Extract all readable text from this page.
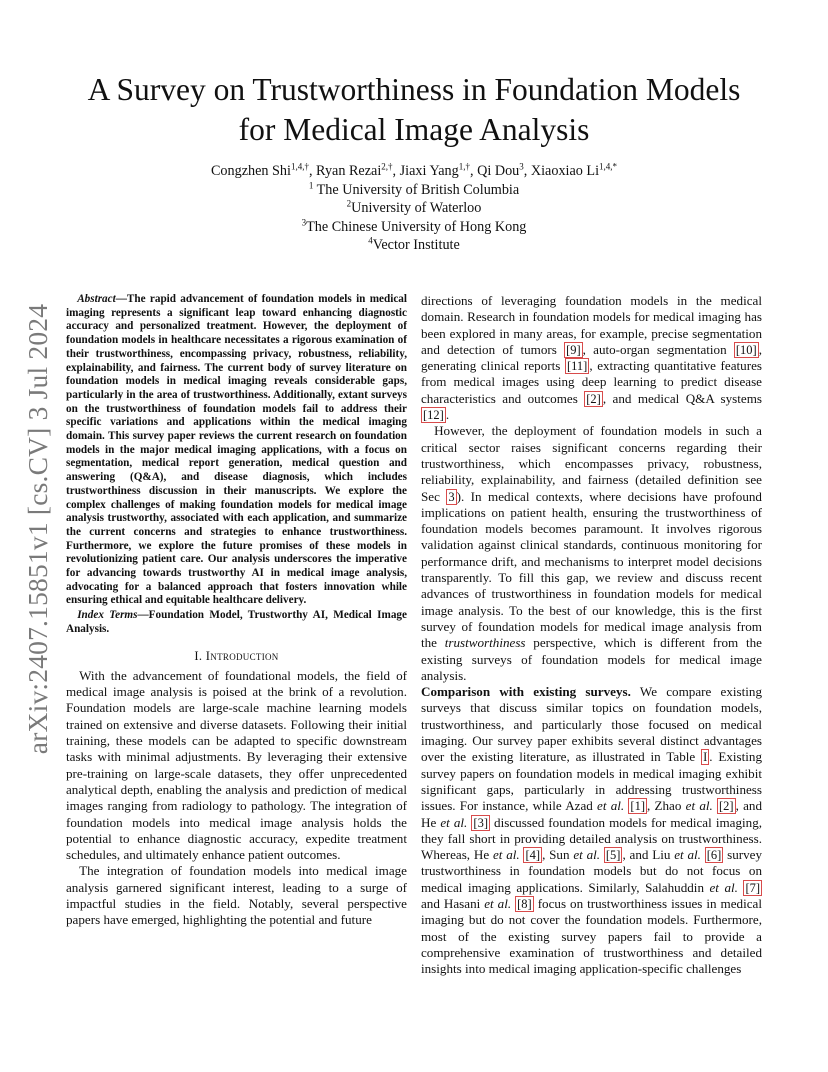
arXiv:2407.15851v1 [cs.CV] 3 Jul 2024
A Survey on Trustworthiness in Foundation Models
for Medical Image Analysis
Congzhen Shi$^{1,4,\dagger}$, Ryan Rezai$^{2,\dagger}$, Jiaxi Yang$^{1,\dagger}$, Qi Dou$^3$, Xiaoxiao $Li^{1,4,*}$
$^1$ The University of British Columbia
$^2$University of Waterloo
$^3$The Chinese University of Hong Kong
$^4$Vector Institute

Abstract—The rapid advancement of foundation models in medical imaging represents a significant leap toward enhancing diagnostic accuracy and personalized treatment. However, the deployment of foundation models in healthcare necessitates a rigorous examination of their trustworthiness, encompassing privacy, robustness, reliability, explainability, and fairness. The current body of survey literature on foundation models in medical imaging reveals considerable gaps, particularly in the area of trustworthiness. Additionally, extant surveys on the trustworthiness of foundation models fail to address their specific variations and applications within the medical imaging domain. This survey paper reviews the current research on foundation models in the major medical imaging applications, with a focus on segmentation, medical report generation, medical question and answering (Q&A), and disease diagnosis, which includes trustworthiness discussion in their manuscripts. We explore the complex challenges of making foundation models for medical image analysis trustworthy, associated with each application, and summarize the current concerns and strategies to enhance trustworthiness. Furthermore, we explore the future promises of these models in revolutionizing patient care. Our analysis underscores the imperative for advancing towards trustworthy AI in medical image analysis, advocating for a balanced approach that fosters innovation while ensuring ethical and equitable healthcare delivery.

Index Terms—Foundation Model, Trustworthy AI, Medical Image Analysis.

I. Introduction

With the advancement of foundational models, the field of medical image analysis is poised at the brink of a revolution. Foundation models are large-scale machine learning models trained on extensive and diverse datasets. Following their initial training, these models can be adapted to specific downstream tasks with minimal adjustments. By leveraging their extensive pre-training on large-scale datasets, they offer unprecedented analytical depth, enabling the analysis and prediction of medical images ranging from radiology to pathology. The integration of foundation models into medical image analysis holds the potential to enhance diagnostic accuracy, expedite treatment schedules, and ultimately enhance patient outcomes.

The integration of foundation models into medical image analysis garnered significant interest, leading to a surge of impactful studies in the field. Notably, several perspective papers have emerged, highlighting the potential and future

directions of leveraging foundation models in the medical domain. Research in foundation models for medical imaging has been explored in many areas, for example, precise segmentation and detection of tumors [9] , auto-organ segmentation [10] , generating clinical reports [11] , extracting quantitative features from medical images using deep learning to predict disease characteristics and outcomes [2] , and medical Q&A systems [12] .

However, the deployment of foundation models in such a critical sector raises significant concerns regarding their trustworthiness, which encompasses privacy, robustness, reliability, explainability, and fairness (detailed definition see Sec 3 ). In medical contexts, where decisions have profound implications on patient health, ensuring the trustworthiness of foundation models becomes paramount. It involves rigorous validation against clinical standards, continuous monitoring for performance drift, and mechanisms to interpret model decisions transparently. To fill this gap, we review and discuss recent advances of trustworthiness in foundation models for medical image analysis. To the best of our knowledge, this is the first survey of foundation models for medical image analysis from the trustworthiness perspective, which is different from the existing surveys of foundation models for medical image analysis.

Comparison with existing surveys. We compare existing surveys that discuss similar topics on foundation models, trustworthiness, and particularly those focused on medical imaging. Our survey paper exhibits several distinct advantages over the existing literature, as illustrated in Table I . Existing survey papers on foundation models in medical imaging exhibit significant gaps, particularly in addressing trustworthiness issues. For instance, while Azad et al. [1] , Zhao et al. [2] , and He et al. [3] discussed foundation models for medical imaging, they fall short in providing detailed analysis on trustworthiness. Whereas, He et al. [4] , Sun et al. [5] , and Liu et al. [6] survey trustworthiness in foundation models but do not focus on medical imaging applications. Similarly, Salahuddin et al. [7] and Hasani et al. [8] focus on trustworthiness issues in medical imaging but do not cover the foundation models. Furthermore, most of the existing survey papers fail to provide a comprehensive examination of trustworthiness and detailed insights into medical imaging application-specific challenges
